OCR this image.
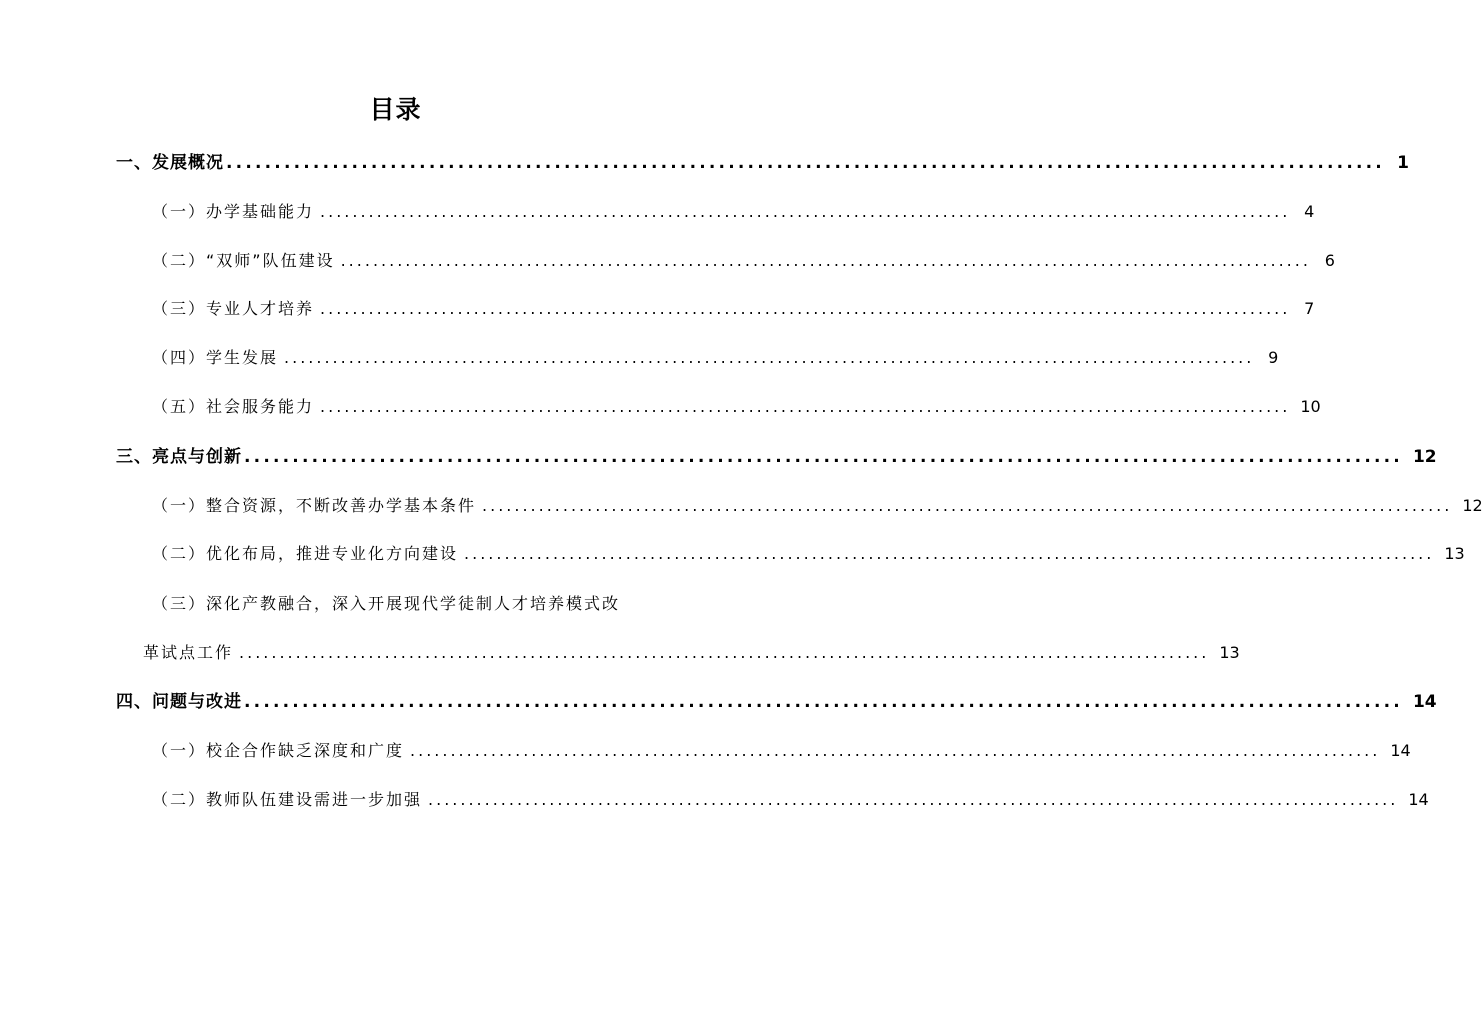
目录
一、发展概况 ........................................................................................................................ 1
（一）办学基础能力 ........................................................................................................................ 4
（二）“双师”队伍建设 ........................................................................................................................ 6
（三）专业人才培养 ........................................................................................................................ 7
（四）学生发展 ........................................................................................................................ 9
（五）社会服务能力 ........................................................................................................................ 10
三、亮点与创新 ........................................................................................................................ 12
（一）整合资源，不断改善办学基本条件 ........................................................................................................................ 12
（二）优化布局，推进专业化方向建设 ........................................................................................................................ 13
（三）深化产教融合，深入开展现代学徒制人才培养模式改
革试点工作 ........................................................................................................................ 13
四、问题与改进 ........................................................................................................................ 14
（一）校企合作缺乏深度和广度 ........................................................................................................................ 14
（二）教师队伍建设需进一步加强 ........................................................................................................................ 14
